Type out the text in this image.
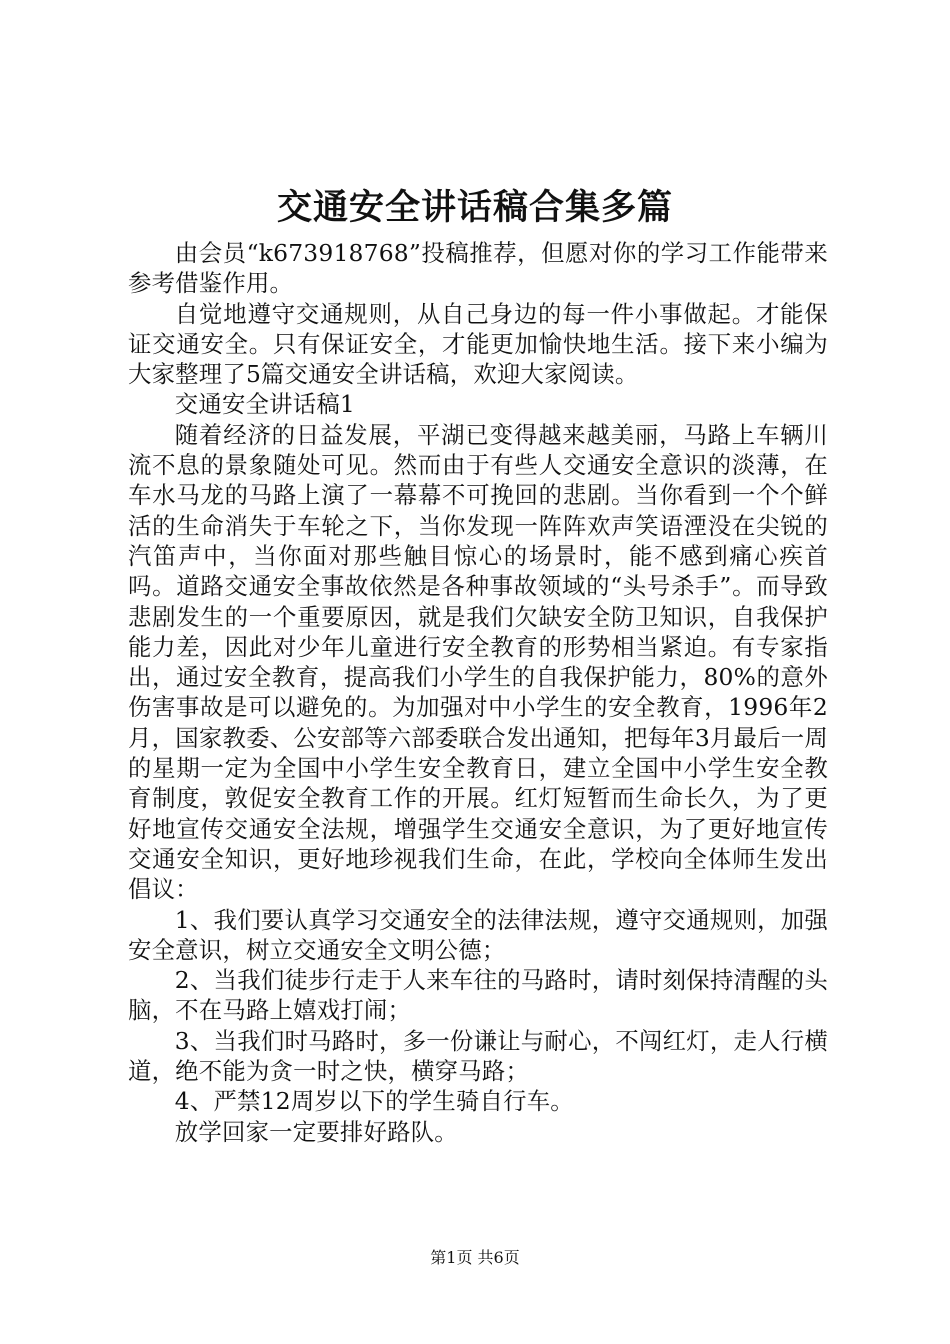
交通安全讲话稿合集多篇

由会员“k673918768”投稿推荐，但愿对你的学习工作能带来参考借鉴作用。

自觉地遵守交通规则，从自己身边的每一件小事做起。才能保证交通安全。只有保证安全，才能更加愉快地生活。接下来小编为大家整理了5篇交通安全讲话稿，欢迎大家阅读。

交通安全讲话稿1

随着经济的日益发展，平湖已变得越来越美丽，马路上车辆川流不息的景象随处可见。然而由于有些人交通安全意识的淡薄，在车水马龙的马路上演了一幕幕不可挽回的悲剧。当你看到一个个鲜活的生命消失于车轮之下，当你发现一阵阵欢声笑语湮没在尖锐的汽笛声中，当你面对那些触目惊心的场景时，能不感到痛心疾首吗。道路交通安全事故依然是各种事故领域的“头号杀手”。而导致悲剧发生的一个重要原因，就是我们欠缺安全防卫知识，自我保护能力差，因此对少年儿童进行安全教育的形势相当紧迫。有专家指出，通过安全教育，提高我们小学生的自我保护能力，80%的意外伤害事故是可以避免的。为加强对中小学生的安全教育，1996年2月，国家教委、公安部等六部委联合发出通知，把每年3月最后一周的星期一定为全国中小学生安全教育日，建立全国中小学生安全教育制度，敦促安全教育工作的开展。红灯短暂而生命长久，为了更好地宣传交通安全法规，增强学生交通安全意识，为了更好地宣传交通安全知识，更好地珍视我们生命，在此，学校向全体师生发出倡议：

1、我们要认真学习交通安全的法律法规，遵守交通规则，加强安全意识，树立交通安全文明公德；

2、当我们徒步行走于人来车往的马路时，请时刻保持清醒的头脑，不在马路上嬉戏打闹；

3、当我们时马路时，多一份谦让与耐心，不闯红灯，走人行横道，绝不能为贪一时之快，横穿马路；

4、严禁12周岁以下的学生骑自行车。

放学回家一定要排好路队。

第1页 共6页
